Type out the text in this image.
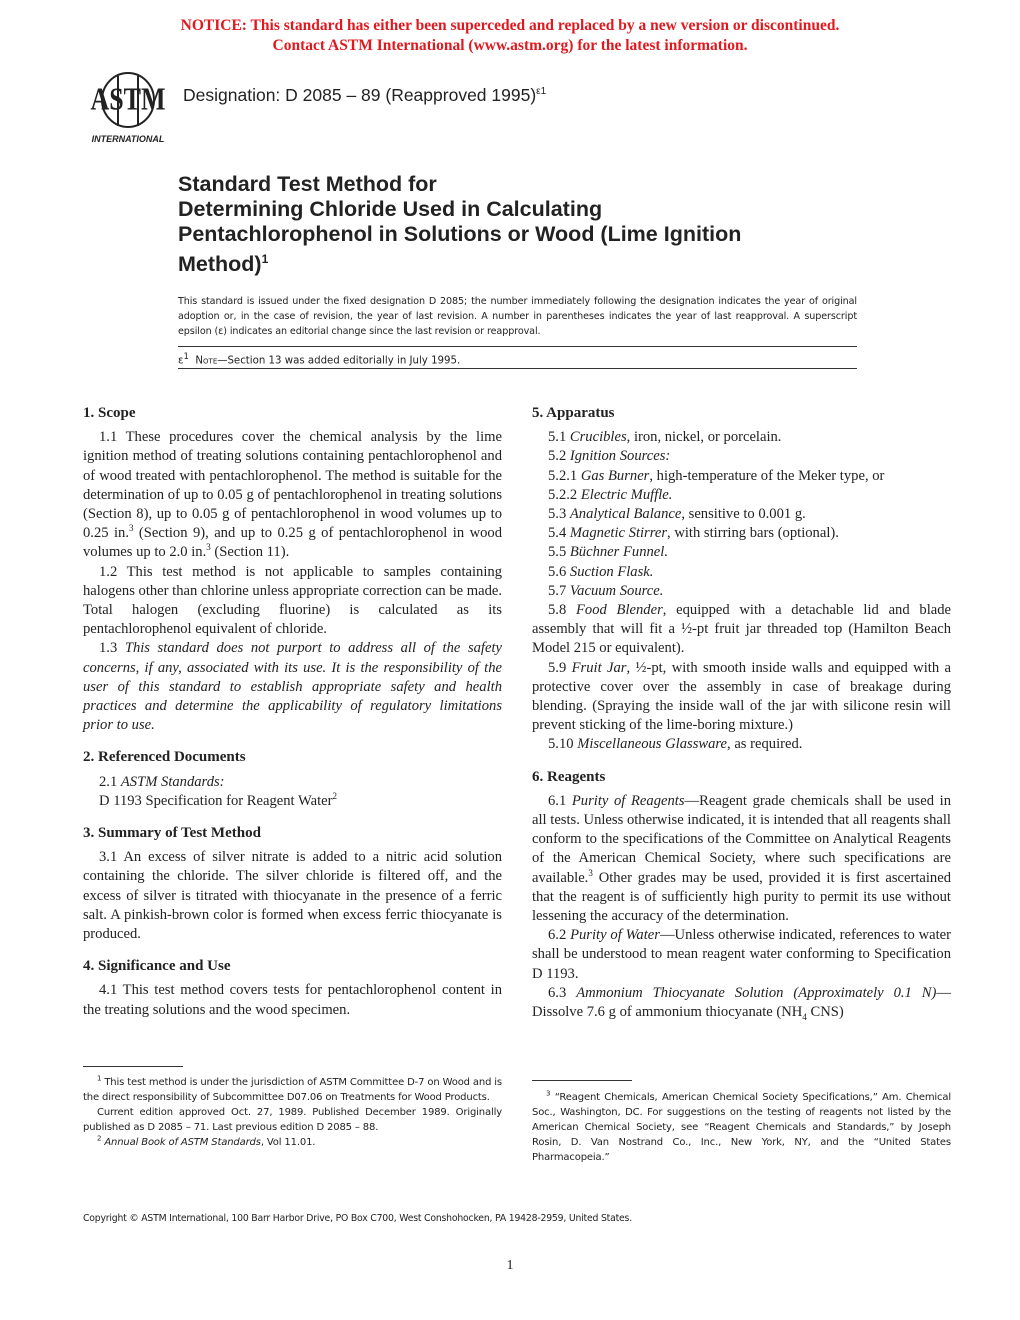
NOTICE: This standard has either been superceded and replaced by a new version or discontinued.
Contact ASTM International (www.astm.org) for the latest information.
ASTM
INTERNATIONAL
Designation: D 2085 – 89 (Reapproved 1995)$^{\varepsilon 1}$
Standard Test Method for
Determining Chloride Used in Calculating
Pentachlorophenol in Solutions or Wood (Lime Ignition
Method)$^1$
This standard is issued under the fixed designation D 2085; the number immediately following the designation indicates the year of original adoption or, in the case of revision, the year of last revision. A number in parentheses indicates the year of last reapproval. A superscript epsilon (ε) indicates an editorial change since the last revision or reapproval.
$\varepsilon^1$ Note—Section 13 was added editorially in July 1995.
1. Scope

1.1 These procedures cover the chemical analysis by the lime ignition method of treating solutions containing pentachlorophenol and of wood treated with pentachlorophenol. The method is suitable for the determination of up to 0.05 g of pentachlorophenol in treating solutions (Section 8), up to 0.05 g of pentachlorophenol in wood volumes up to 0.25 in.$^3$ (Section 9), and up to 0.25 g of pentachlorophenol in wood volumes up to 2.0 in.$^3$ (Section 11).

1.2 This test method is not applicable to samples containing halogens other than chlorine unless appropriate correction can be made. Total halogen (excluding fluorine) is calculated as its pentachlorophenol equivalent of chloride.

1.3 This standard does not purport to address all of the safety concerns, if any, associated with its use. It is the responsibility of the user of this standard to establish appropriate safety and health practices and determine the applicability of regulatory limitations prior to use.

2. Referenced Documents

2.1 ASTM Standards:

D 1193 Specification for Reagent Water$^2$

3. Summary of Test Method

3.1 An excess of silver nitrate is added to a nitric acid solution containing the chloride. The silver chloride is filtered off, and the excess of silver is titrated with thiocyanate in the presence of a ferric salt. A pinkish-brown color is formed when excess ferric thiocyanate is produced.

4. Significance and Use

4.1 This test method covers tests for pentachlorophenol content in the treating solutions and the wood specimen.

5. Apparatus

5.1 Crucibles, iron, nickel, or porcelain.

5.2 Ignition Sources:

5.2.1 Gas Burner, high-temperature of the Meker type, or

5.2.2 Electric Muffle.

5.3 Analytical Balance, sensitive to 0.001 g.

5.4 Magnetic Stirrer, with stirring bars (optional).

5.5 Büchner Funnel.

5.6 Suction Flask.

5.7 Vacuum Source.

5.8 Food Blender, equipped with a detachable lid and blade assembly that will fit a ½-pt fruit jar threaded top (Hamilton Beach Model 215 or equivalent).

5.9 Fruit Jar, ½-pt, with smooth inside walls and equipped with a protective cover over the assembly in case of breakage during blending. (Spraying the inside wall of the jar with silicone resin will prevent sticking of the lime-boring mixture.)

5.10 Miscellaneous Glassware, as required.

6. Reagents

6.1 Purity of Reagents—Reagent grade chemicals shall be used in all tests. Unless otherwise indicated, it is intended that all reagents shall conform to the specifications of the Committee on Analytical Reagents of the American Chemical Society, where such specifications are available.$^3$ Other grades may be used, provided it is first ascertained that the reagent is of sufficiently high purity to permit its use without lessening the accuracy of the determination.

6.2 Purity of Water—Unless otherwise indicated, references to water shall be understood to mean reagent water conforming to Specification D 1193.

6.3 Ammonium Thiocyanate Solution (Approximately 0.1 N)—Dissolve 7.6 g of ammonium thiocyanate ($NH_4$ CNS)

$^1$ This test method is under the jurisdiction of ASTM Committee D-7 on Wood and is the direct responsibility of Subcommittee D07.06 on Treatments for Wood Products.

Current edition approved Oct. 27, 1989. Published December 1989. Originally published as D 2085 – 71. Last previous edition D 2085 – 88.

$^2$ Annual Book of ASTM Standards, Vol 11.01.

$^3$ “Reagent Chemicals, American Chemical Society Specifications,” Am. Chemical Soc., Washington, DC. For suggestions on the testing of reagents not listed by the American Chemical Society, see “Reagent Chemicals and Standards,” by Joseph Rosin, D. Van Nostrand Co., Inc., New York, NY, and the “United States Pharmacopeia.”

Copyright © ASTM International, 100 Barr Harbor Drive, PO Box C700, West Conshohocken, PA 19428-2959, United States.
1
